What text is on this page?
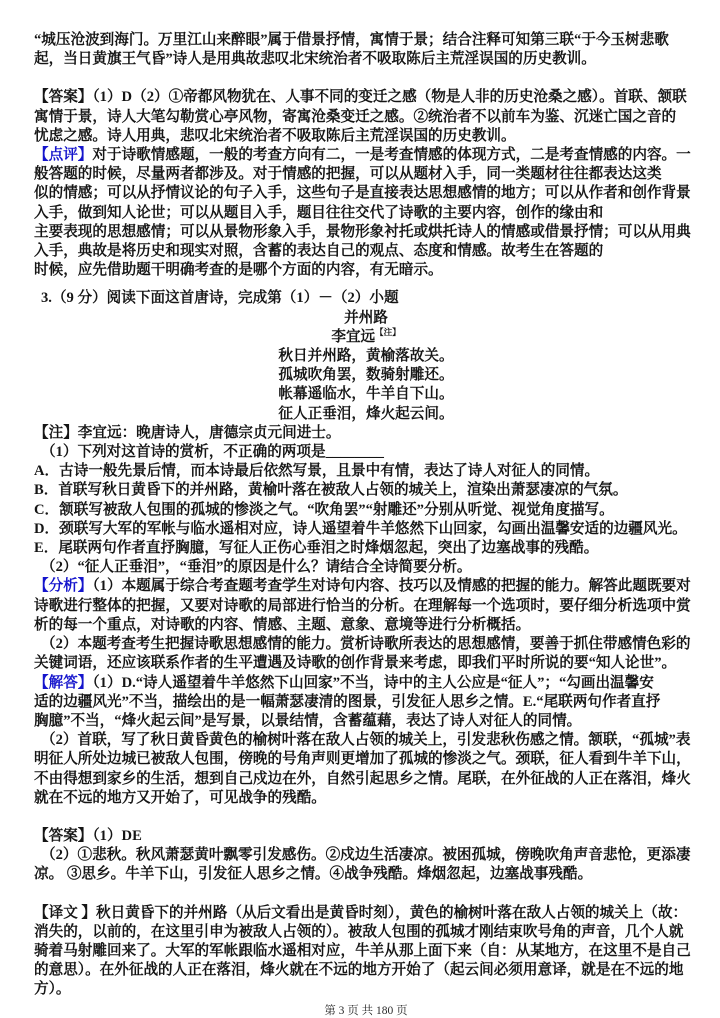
“城压沧波到海门。万里江山来醉眼”属于借景抒情，寓情于景；结合注释可知第三联“于今玉树悲歌
起，当日黄旗王气昏”诗人是用典故悲叹北宋统治者不吸取陈后主荒淫误国的历史教训。
【答案】（1）D（2）①帝都风物犹在、人事不同的变迁之感（物是人非的历史沧桑之感）。首联、颔联
寓情于景，诗人大笔勾勒赏心亭风物，寄寓沧桑变迁之感。②统治者不以前车为鉴、沉迷亡国之音的
忧虑之感。诗人用典，悲叹北宋统治者不吸取陈后主荒淫误国的历史教训。
【点评】对于诗歌情感题，一般的考查方向有二，一是考查情感的体现方式，二是考查情感的内容。一
般答题的时候，尽量两者都涉及。对于情感的把握，可以从题材入手，同一类题材往往都表达这类
似的情感；可以从抒情议论的句子入手，这些句子是直接表达思想感情的地方；可以从作者和创作背景
入手，做到知人论世；可以从题目入手，题目往往交代了诗歌的主要内容，创作的缘由和
主要表现的思想感情；可以从景物形象入手，景物形象衬托或烘托诗人的情感或借景抒情；可以从用典
入手，典故是将历史和现实对照，含蓄的表达自己的观点、态度和情感。故考生在答题的
时候，应先借助题干明确考查的是哪个方面的内容，有无暗示。
3.（9 分）阅读下面这首唐诗，完成第（1）－（2）小题
并州路
李宜远$^{【注】}$
秋日并州路，黄榆落故关。
孤城吹角罢，数骑射雕还。
帐幕遥临水，牛羊自下山。
征人正垂泪，烽火起云间。
【注】李宜远：晚唐诗人，唐德宗贞元间进士。
（1）下列对这首诗的赏析，不正确的两项是________
A．古诗一般先景后情，而本诗最后依然写景，且景中有情，表达了诗人对征人的同情。
B．首联写秋日黄昏下的并州路，黄榆叶落在被敌人占领的城关上，渲染出萧瑟凄凉的气氛。
C．颔联写被敌人包围的孤城的惨淡之气。“吹角罢”“射雕还”分别从听觉、视觉角度描写。
D．颈联写大军的军帐与临水遥相对应，诗人遥望着牛羊悠然下山回家，勾画出温馨安适的边疆风光。
E．尾联两句作者直抒胸臆，写征人正伤心垂泪之时烽烟忽起，突出了边塞战事的残酷。
（2）“征人正垂泪”，“垂泪”的原因是什么？请结合全诗简要分析。
【分析】（1）本题属于综合考查题考查学生对诗句内容、技巧以及情感的把握的能力。解答此题既要对
诗歌进行整体的把握，又要对诗歌的局部进行恰当的分析。在理解每一个选项时，要仔细分析选项中赏
析的每一个重点，对诗歌的内容、情感、主题、意象、意境等进行分析概括。
（2）本题考查考生把握诗歌思想感情的能力。赏析诗歌所表达的思想感情，要善于抓住带感情色彩的
关键词语，还应该联系作者的生平遭遇及诗歌的创作背景来考虑，即我们平时所说的要“知人论世”。
【解答】（1）D.“诗人遥望着牛羊悠然下山回家”不当，诗中的主人公应是“征人”；“勾画出温馨安
适的边疆风光”不当，描绘出的是一幅萧瑟凄清的图景，引发征人思乡之情。E.“尾联两句作者直抒
胸臆”不当，“烽火起云间”是写景，以景结情，含蓄蕴藉，表达了诗人对征人的同情。
（2）首联，写了秋日黄昏黄色的榆树叶落在敌人占领的城关上，引发悲秋伤感之情。颔联，“孤城”表
明征人所处边城已被敌人包围，傍晚的号角声则更增加了孤城的惨淡之气。颈联，征人看到牛羊下山，
不由得想到家乡的生活，想到自己戍边在外，自然引起思乡之情。尾联，在外征战的人正在落泪，烽火
就在不远的地方又开始了，可见战争的残酷。
【答案】（1）DE
（2）①悲秋。秋风萧瑟黄叶飘零引发感伤。②戍边生活凄凉。被困孤城，傍晚吹角声音悲怆，更添凄
凉。 ③思乡。牛羊下山，引发征人思乡之情。④战争残酷。烽烟忽起，边塞战事残酷。
【译文 】秋日黄昏下的并州路（从后文看出是黄昏时刻），黄色的榆树叶落在敌人占领的城关上（故：
消失的，以前的，在这里引申为被敌人占领的）。被敌人包围的孤城才刚结束吹号角的声音，几个人就
骑着马射雕回来了。大军的军帐跟临水遥相对应，牛羊从那上面下来（自：从某地方，在这里不是自己
的意思）。在外征战的人正在落泪，烽火就在不远的地方开始了（起云间必须用意译，就是在不远的地
方）。
第 3 页 共 180 页
